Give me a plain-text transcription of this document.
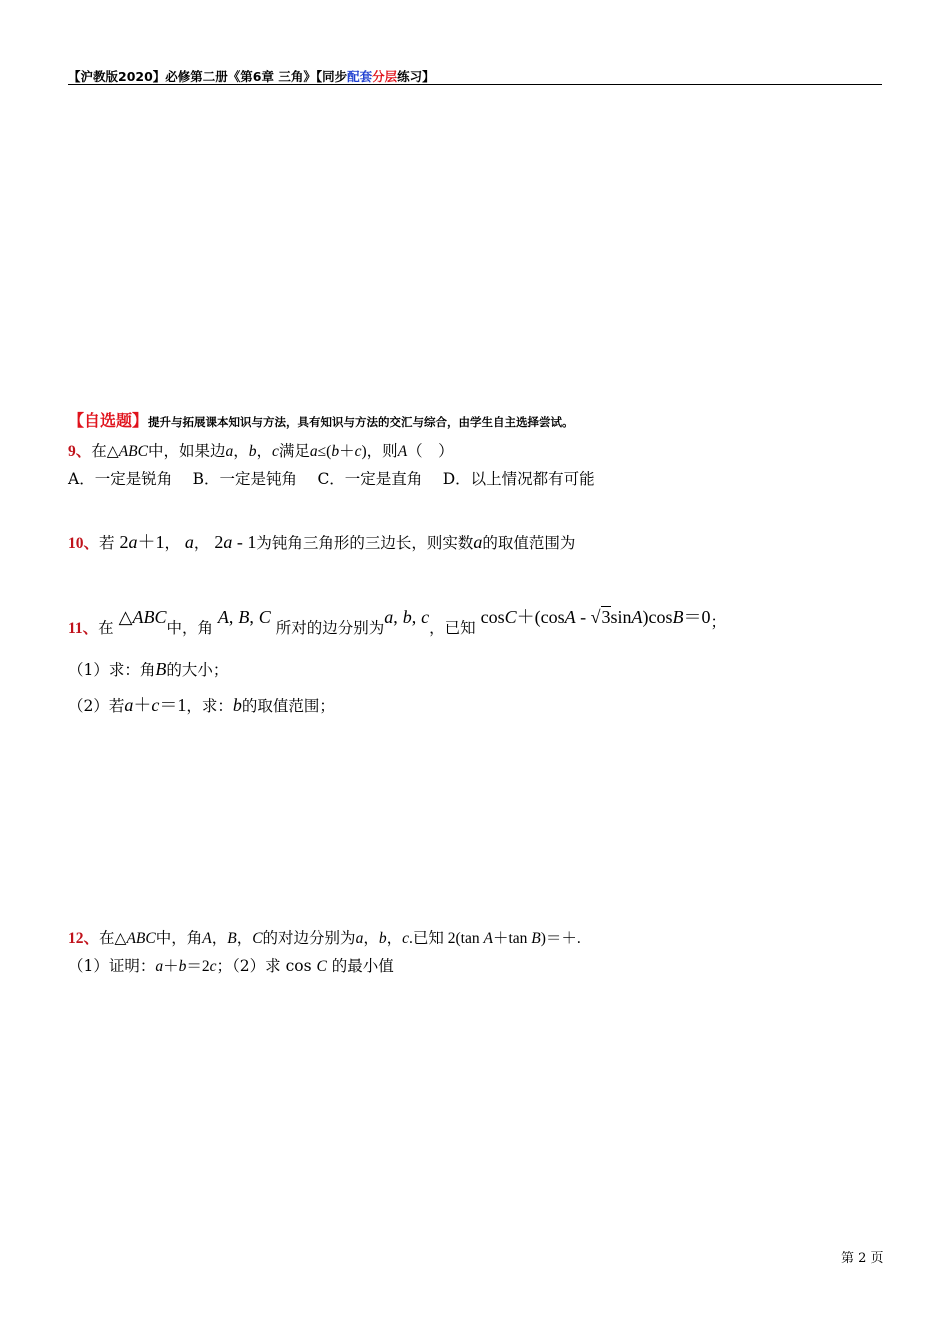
【沪教版2020】必修第二册《第6章 三角》【同步配套分层练习】
【自选题】提升与拓展课本知识与方法，具有知识与方法的交汇与综合，由学生自主选择尝试。
9、在△ABC中，如果边a，b，c满足a≤(b＋c)，则A（　）
A．一定是锐角　 B．一定是钝角　 C．一定是直角　 D．以上情况都有可能
10、若 2a＋1， a， 2a - 1为钝角三角形的三边长，则实数a的取值范围为
11、在 △ABC中，角 A, B, C 所对的边分别为a, b, c，已知 cosC＋(cosA - √3sinA)cosB＝0；
（1）求：角B的大小；
（2）若a＋c＝1，求：b的取值范围；
12、在△ABC中，角A，B，C的对边分别为a，b，c.已知 2(tan A＋tan B)＝＋.
（1）证明：a＋b＝2c；（2）求 cos C 的最小值
第 2 页
